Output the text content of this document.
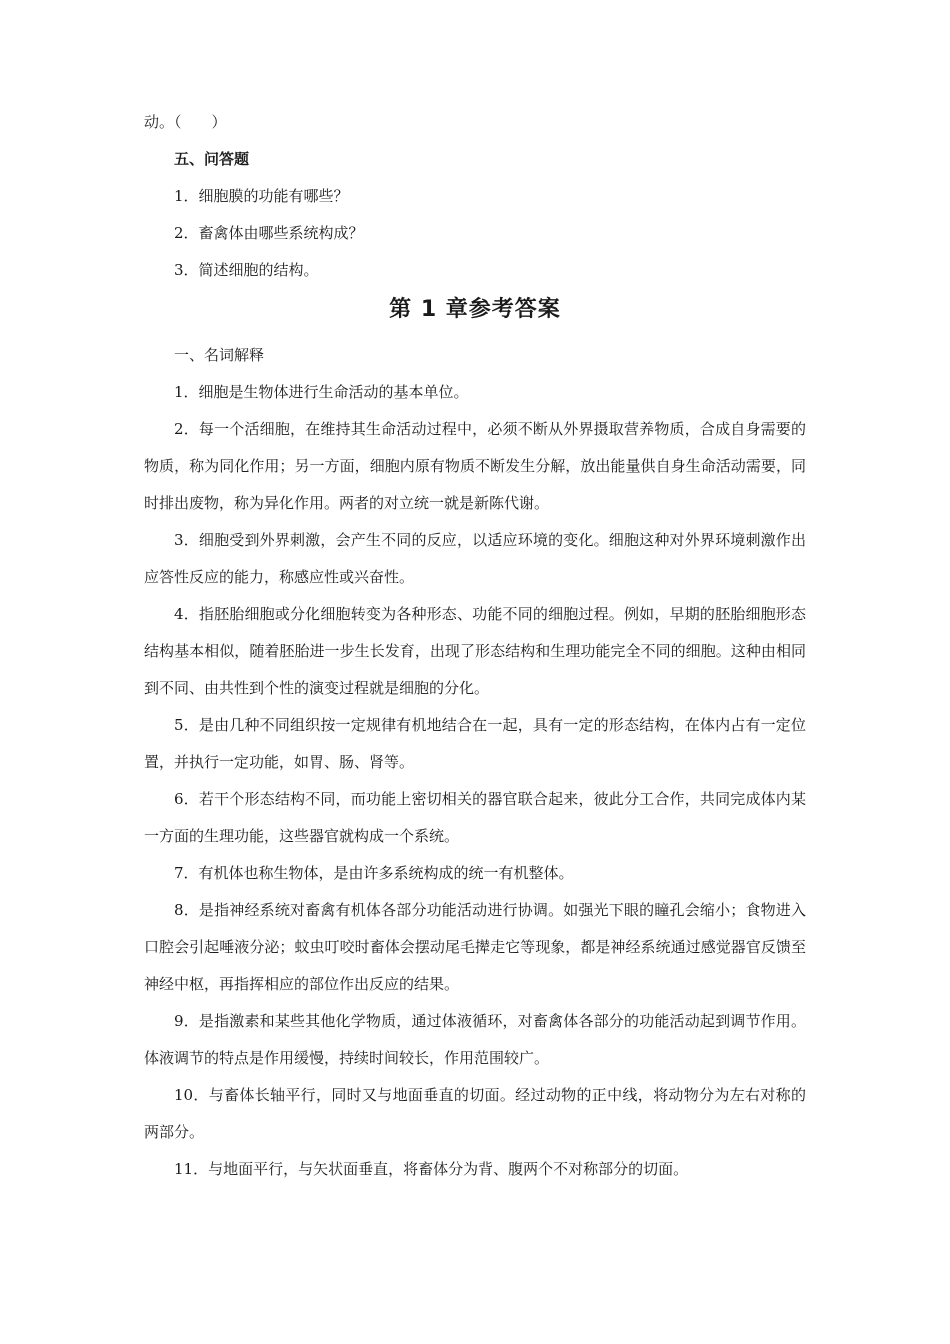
动。（　　）

五、问答题

1．细胞膜的功能有哪些？

2．畜禽体由哪些系统构成？

3．简述细胞的结构。

第 1 章参考答案

一、名词解释

1．细胞是生物体进行生命活动的基本单位。

2．每一个活细胞，在维持其生命活动过程中，必须不断从外界摄取营养物质，合成自身需要的物质，称为同化作用；另一方面，细胞内原有物质不断发生分解，放出能量供自身生命活动需要，同时排出废物，称为异化作用。两者的对立统一就是新陈代谢。

3．细胞受到外界刺激，会产生不同的反应，以适应环境的变化。细胞这种对外界环境刺激作出应答性反应的能力，称感应性或兴奋性。

4．指胚胎细胞或分化细胞转变为各种形态、功能不同的细胞过程。例如，早期的胚胎细胞形态结构基本相似，随着胚胎进一步生长发育，出现了形态结构和生理功能完全不同的细胞。这种由相同到不同、由共性到个性的演变过程就是细胞的分化。

5．是由几种不同组织按一定规律有机地结合在一起，具有一定的形态结构，在体内占有一定位置，并执行一定功能，如胃、肠、肾等。

6．若干个形态结构不同，而功能上密切相关的器官联合起来，彼此分工合作，共同完成体内某一方面的生理功能，这些器官就构成一个系统。

7．有机体也称生物体，是由许多系统构成的统一有机整体。

8．是指神经系统对畜禽有机体各部分功能活动进行协调。如强光下眼的瞳孔会缩小；食物进入口腔会引起唾液分泌；蚊虫叮咬时畜体会摆动尾毛撵走它等现象，都是神经系统通过感觉器官反馈至神经中枢，再指挥相应的部位作出反应的结果。

9．是指激素和某些其他化学物质，通过体液循环，对畜禽体各部分的功能活动起到调节作用。体液调节的特点是作用缓慢，持续时间较长，作用范围较广。

10．与畜体长轴平行，同时又与地面垂直的切面。经过动物的正中线，将动物分为左右对称的两部分。

11．与地面平行，与矢状面垂直，将畜体分为背、腹两个不对称部分的切面。
